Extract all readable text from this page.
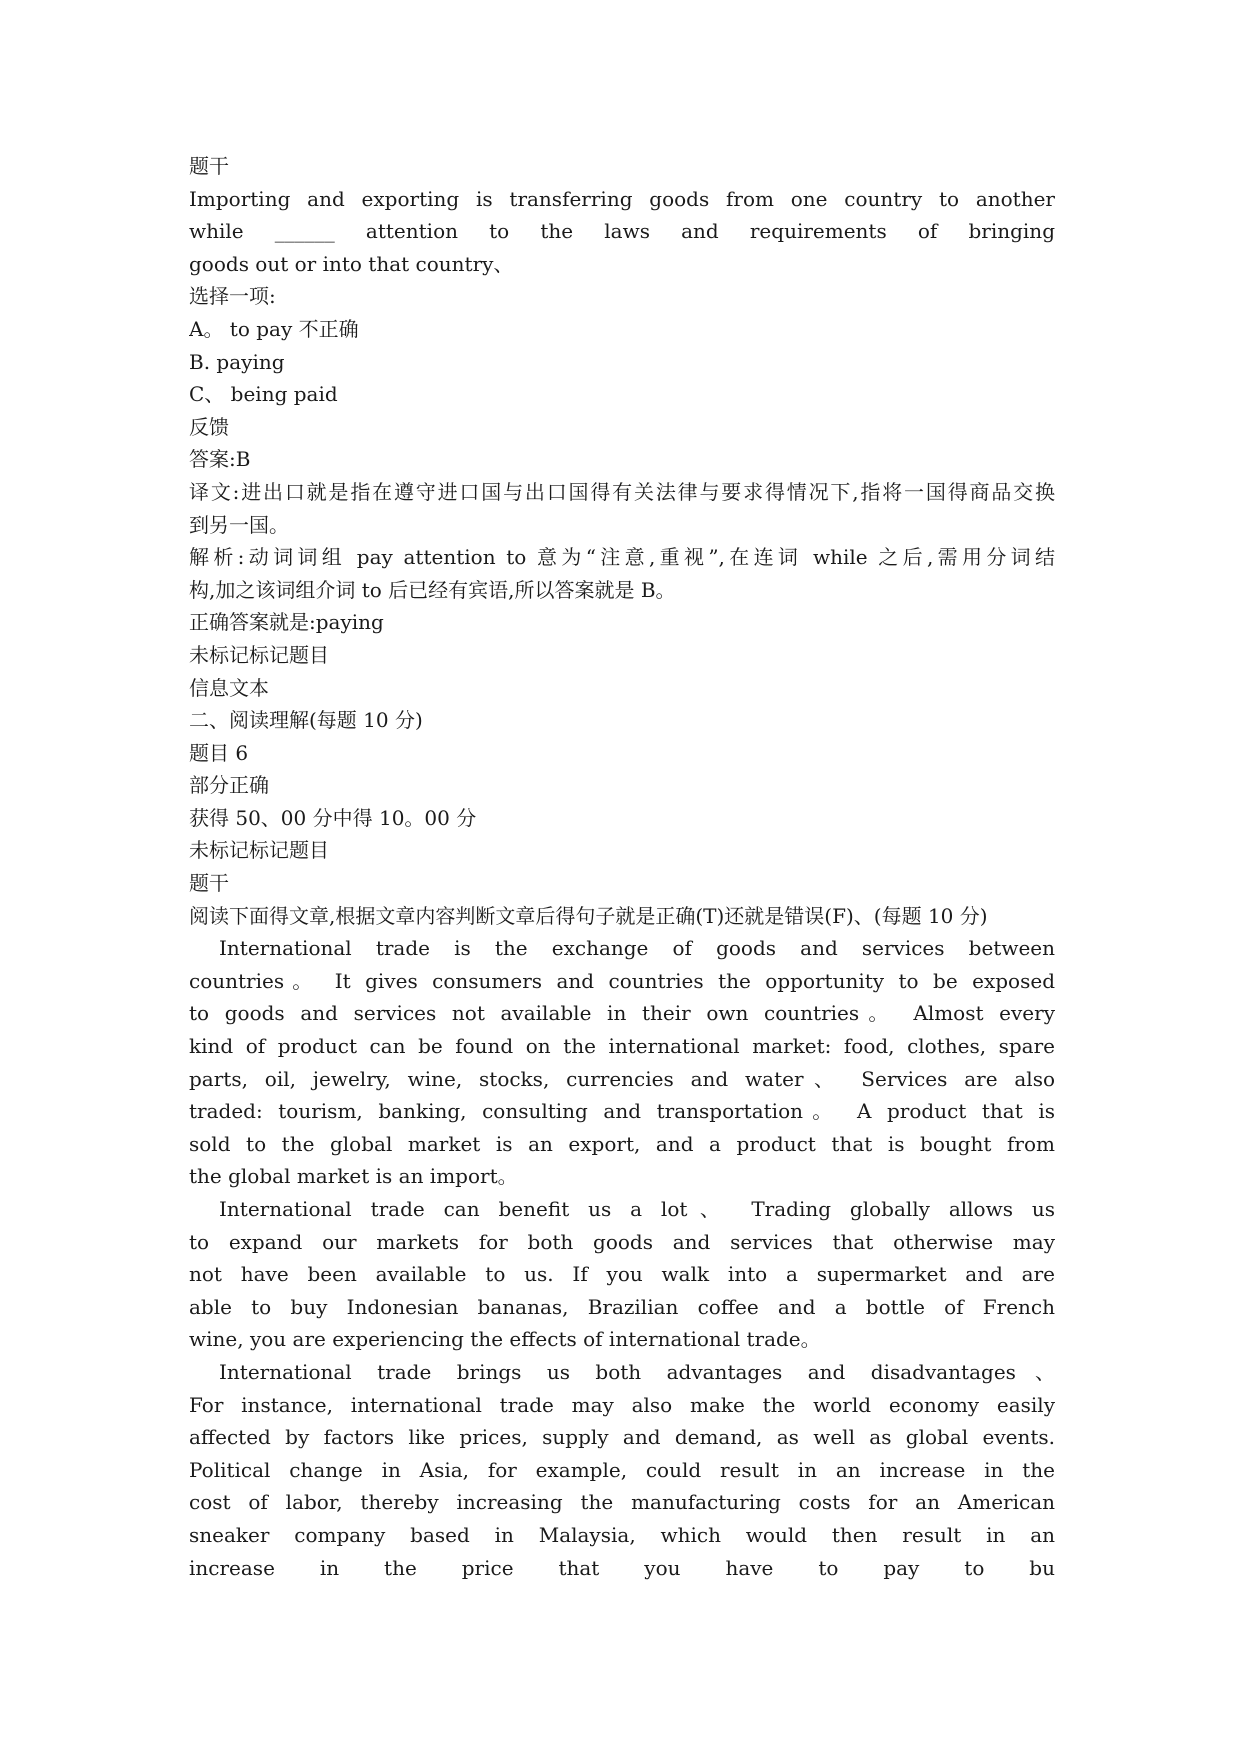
题干
Importing and exporting is transferring goods from one country to another
while ______ attention to the laws and requirements of bringing
goods out or into that country、
选择一项:
A。 to pay 不正确
B. paying
C、 being paid
反馈
答案:B
译文:进出口就是指在遵守进口国与出口国得有关法律与要求得情况下,指将一国得商品交换
到另一国。
解析:动词词组 pay attention to 意为“注意,重视”,在连词 while 之后,需用分词结
构,加之该词组介词 to 后已经有宾语,所以答案就是 B。
正确答案就是:paying
未标记标记题目
信息文本
二、阅读理解(每题 10 分)
题目 6
部分正确
获得 50、00 分中得 10。00 分
未标记标记题目
题干
阅读下面得文章,根据文章内容判断文章后得句子就是正确(T)还就是错误(F)、(每题 10 分)
International trade is the exchange of goods and services between
countries。 It gives consumers and countries the opportunity to be exposed
to goods and services not available in their own countries。 Almost every
kind of product can be found on the international market: food, clothes, spare
parts, oil, jewelry, wine, stocks, currencies and water、 Services are also
traded: tourism, banking, consulting and transportation。 A product that is
sold to the global market is an export, and a product that is bought from
the global market is an import。
International trade can benefit us a lot、 Trading globally allows us
to expand our markets for both goods and services that otherwise may
not have been available to us. If you walk into a supermarket and are
able to buy Indonesian bananas, Brazilian coffee and a bottle of French
wine, you are experiencing the effects of international trade。
International trade brings us both advantages and disadvantages、
For instance, international trade may also make the world economy easily
affected by factors like prices, supply and demand, as well as global events.
Political change in Asia, for example, could result in an increase in the
cost of labor, thereby increasing the manufacturing costs for an American
sneaker company based in Malaysia, which would then result in an
increase in the price that you have to pay to bu
